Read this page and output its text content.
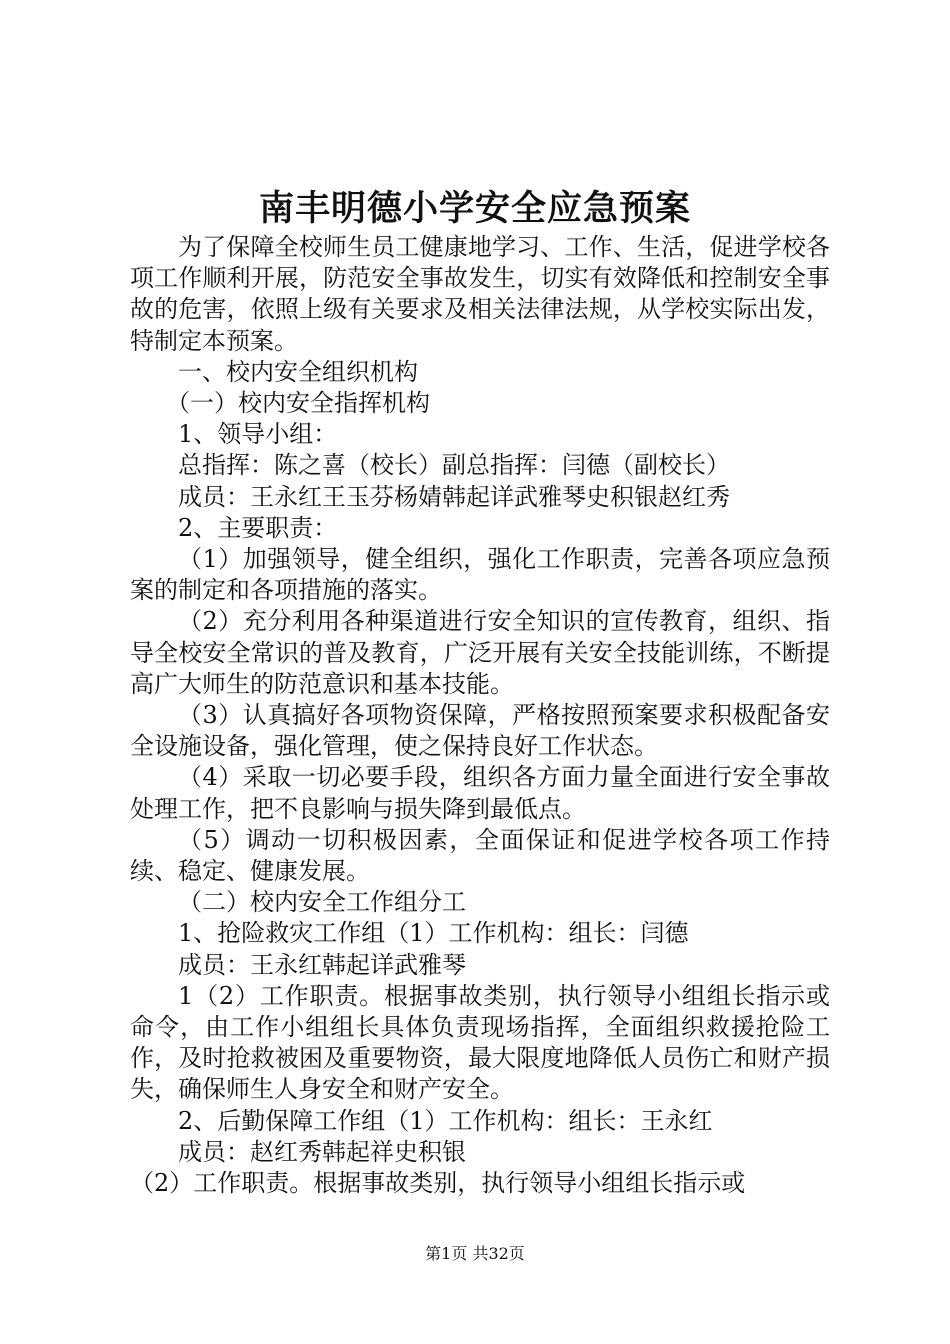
南丰明德小学安全应急预案

为了保障全校师生员工健康地学习、工作、生活，促进学校各项工作顺利开展，防范安全事故发生，切实有效降低和控制安全事故的危害，依照上级有关要求及相关法律法规，从学校实际出发，特制定本预案。

一、校内安全组织机构

（一）校内安全指挥机构

1、领导小组：

总指挥：陈之喜（校长）副总指挥：闫德（副校长）

成员：王永红王玉芬杨婧韩起详武雅琴史积银赵红秀

2、主要职责：

（1）加强领导，健全组织，强化工作职责，完善各项应急预案的制定和各项措施的落实。

（2）充分利用各种渠道进行安全知识的宣传教育，组织、指导全校安全常识的普及教育，广泛开展有关安全技能训练，不断提高广大师生的防范意识和基本技能。

（3）认真搞好各项物资保障，严格按照预案要求积极配备安全设施设备，强化管理，使之保持良好工作状态。

（4）采取一切必要手段，组织各方面力量全面进行安全事故处理工作，把不良影响与损失降到最低点。

（5）调动一切积极因素，全面保证和促进学校各项工作持续、稳定、健康发展。

（二）校内安全工作组分工

1、抢险救灾工作组（1）工作机构：组长：闫德

成员：王永红韩起详武雅琴

1（2）工作职责。根据事故类别，执行领导小组组长指示或命令，由工作小组组长具体负责现场指挥，全面组织救援抢险工作，及时抢救被困及重要物资，最大限度地降低人员伤亡和财产损失，确保师生人身安全和财产安全。

2、后勤保障工作组（1）工作机构：组长：王永红

成员：赵红秀韩起祥史积银

（2）工作职责。根据事故类别，执行领导小组组长指示或

第1页 共32页
